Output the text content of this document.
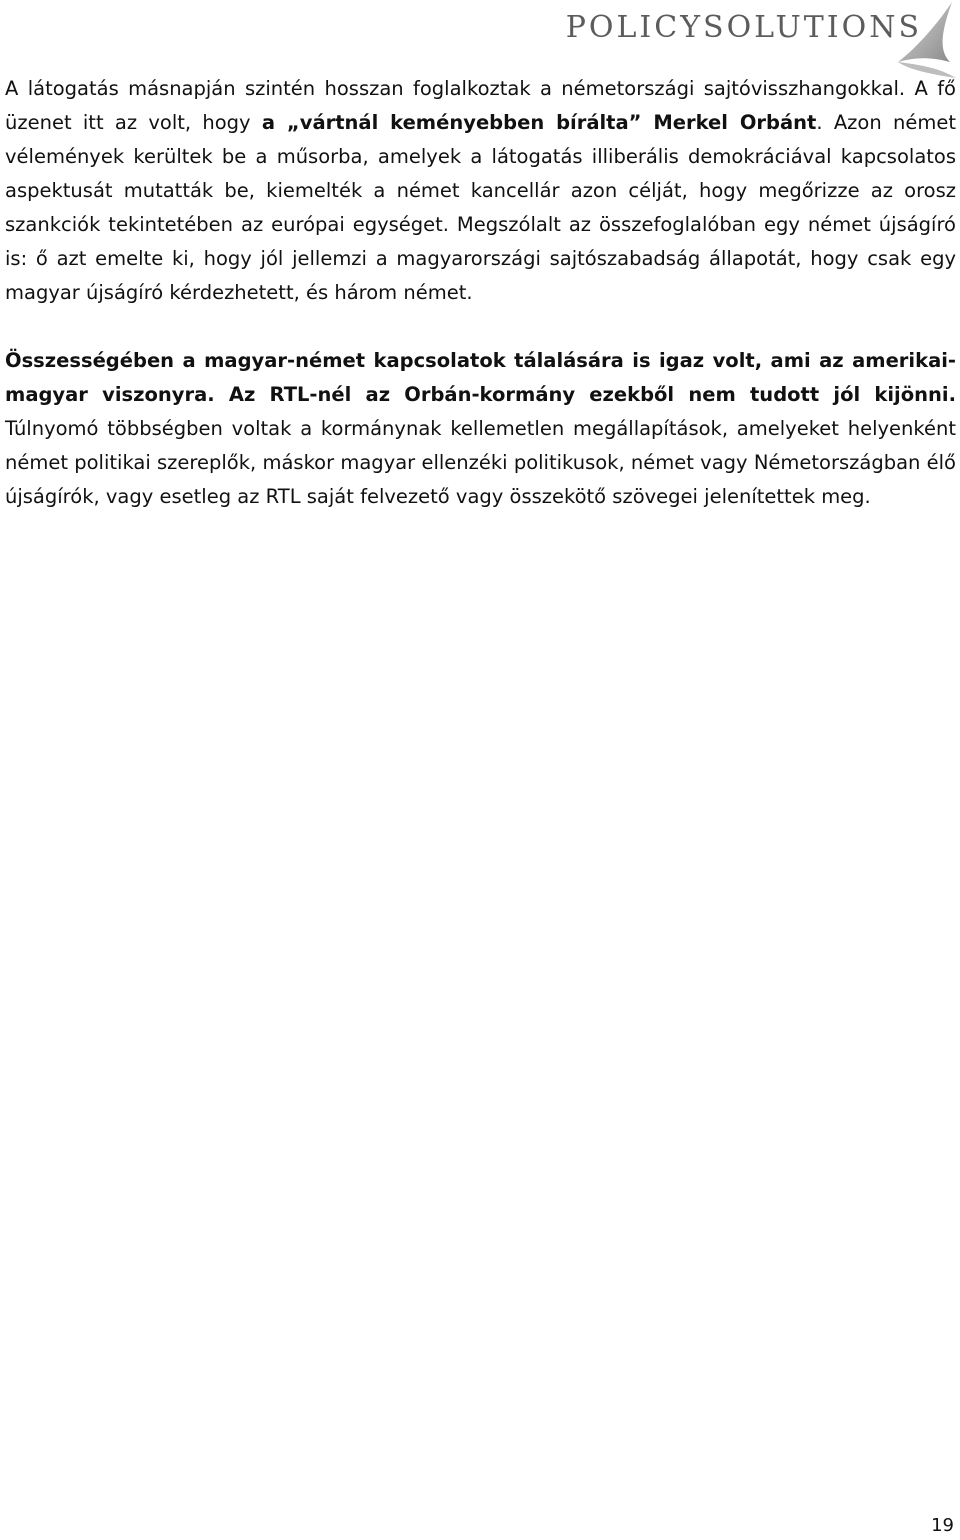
POLICYSOLUTIONS

A látogatás másnapján szintén hosszan foglalkoztak a németországi sajtóvisszhangokkal. A fő üzenet itt az volt, hogy a „vártnál keményebben bírálta” Merkel Orbánt. Azon német vélemények kerültek be a műsorba, amelyek a látogatás illiberális demokráciával kapcsolatos aspektusát mutatták be, kiemelték a német kancellár azon célját, hogy megőrizze az orosz szankciók tekintetében az európai egységet. Megszólalt az összefoglalóban egy német újságíró is: ő azt emelte ki, hogy jól jellemzi a magyarországi sajtószabadság állapotát, hogy csak egy magyar újságíró kérdezhetett, és három német.

Összességében a magyar-német kapcsolatok tálalására is igaz volt, ami az amerikai-magyar viszonyra. Az RTL-nél az Orbán-kormány ezekből nem tudott jól kijönni. Túlnyomó többségben voltak a kormánynak kellemetlen megállapítások, amelyeket helyenként német politikai szereplők, máskor magyar ellenzéki politikusok, német vagy Németországban élő újságírók, vagy esetleg az RTL saját felvezető vagy összekötő szövegei jelenítettek meg.

19
